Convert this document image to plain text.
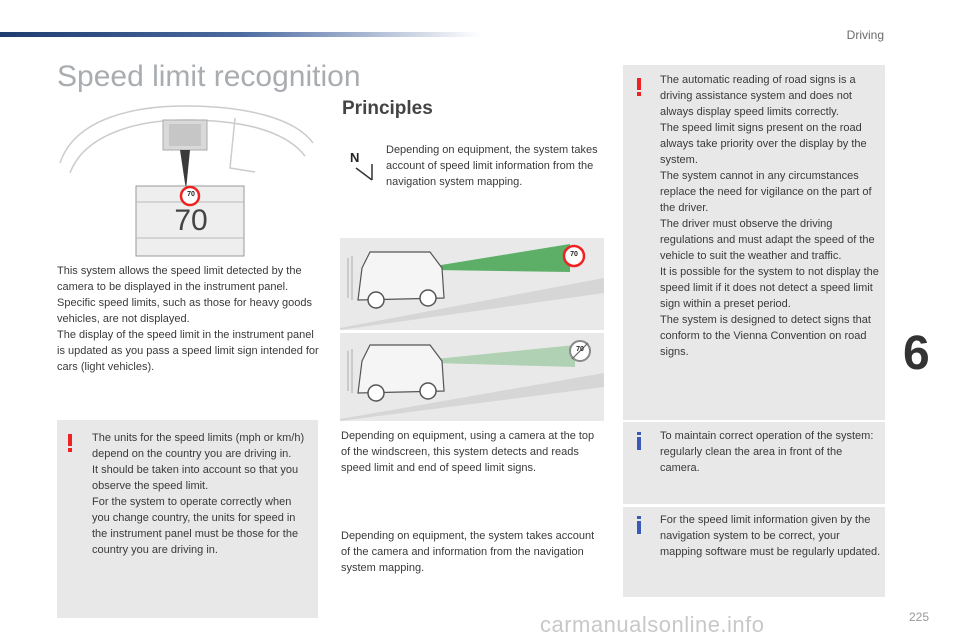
Driving
Speed limit recognition
Principles
70
70

This system allows the speed limit detected by the camera to be displayed in the instrument panel.

Specific speed limits, such as those for heavy goods vehicles, are not displayed.

The display of the speed limit in the instrument panel is updated as you pass a speed limit sign intended for cars (light vehicles).

The units for the speed limits (mph or km/h) depend on the country you are driving in.

It should be taken into account so that you observe the speed limit.

For the system to operate correctly when you change country, the units for speed in the instrument panel must be those for the country you are driving in.

N Depending on equipment, the system takes account of speed limit information from the navigation system mapping.
70
70
Depending on equipment, using a camera at the top of the windscreen, this system detects and reads speed limit and end of speed limit signs.
Depending on equipment, the system takes account of the camera and information from the navigation system mapping.

The automatic reading of road signs is a driving assistance system and does not always display speed limits correctly.

The speed limit signs present on the road always take priority over the display by the system.

The system cannot in any circumstances replace the need for vigilance on the part of the driver.

The driver must observe the driving regulations and must adapt the speed of the vehicle to suit the weather and traffic.

It is possible for the system to not display the speed limit if it does not detect a speed limit sign within a preset period.

The system is designed to detect signs that conform to the Vienna Convention on road signs.

To maintain correct operation of the system: regularly clean the area in front of the camera.
For the speed limit information given by the navigation system to be correct, your mapping software must be regularly updated.
6
225
carmanualsonline.info
